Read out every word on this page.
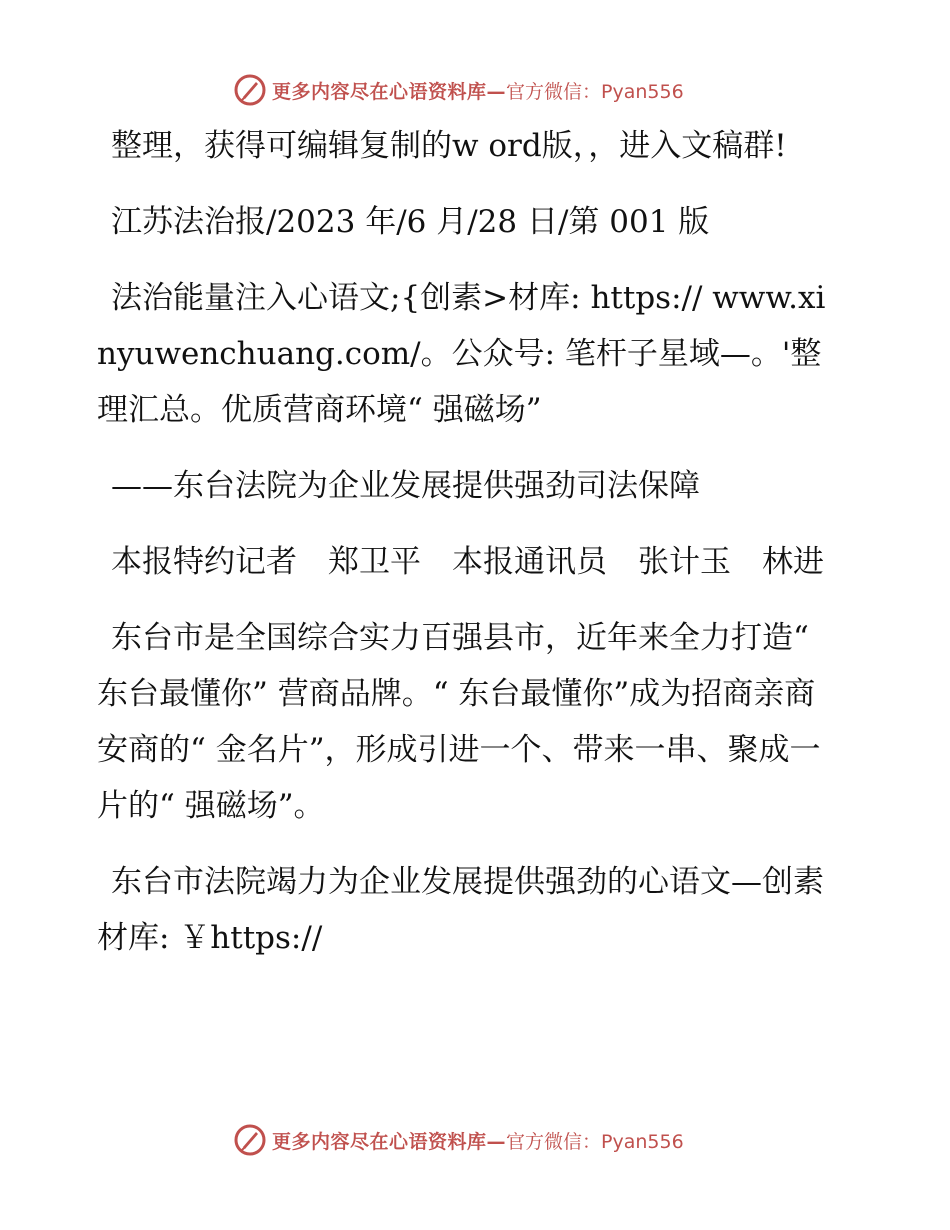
更多内容尽在心语资料库— 官方微信：Pyan556

整理，获得可编辑复制的w ord版，，进入文稿群!

江苏法治报/2023 年/6 月/28 日/第 001 版

法治能量注入心语文;{创素>材库: https:// www.xinyuwenchuang.com/。公众号: 笔杆子星域—。'整理汇总。优质营商环境“ 强磁场”

——东台法院为企业发展提供强劲司法保障

本报特约记者　郑卫平　本报通讯员　张计玉　林进

东台市是全国综合实力百强县市，近年来全力打造“ 东台最懂你” 营商品牌。“ 东台最懂你”成为招商亲商安商的“ 金名片”，形成引进一个、带来一串、聚成一片的“ 强磁场”。

东台市法院竭力为企业发展提供强劲的心语文—创素材库: ￥https://

更多内容尽在心语资料库— 官方微信：Pyan556
